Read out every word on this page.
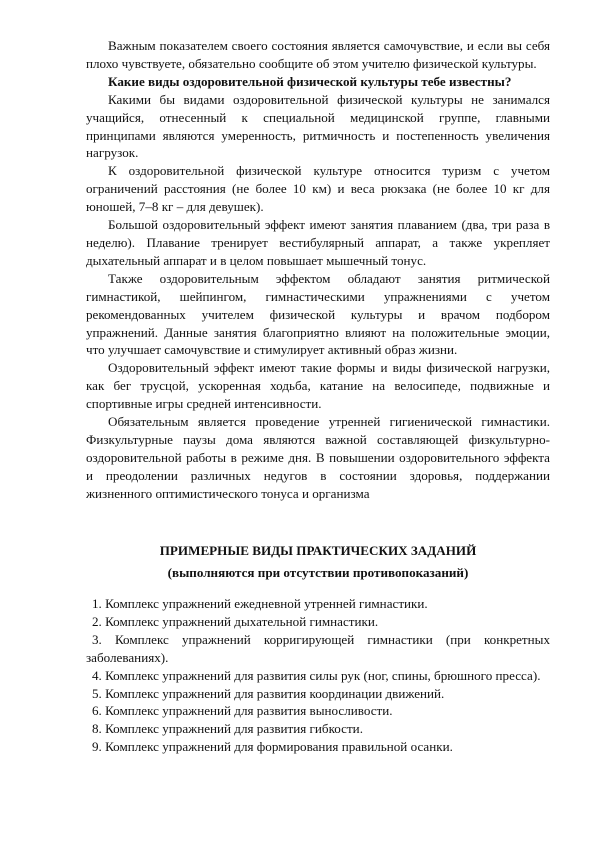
Важным показателем своего состояния является самочувствие, и если вы себя плохо чувствуете, обязательно сообщите об этом учителю физической культуры.

Какие виды оздоровительной физической культуры тебе известны?

Какими бы видами оздоровительной физической культуры не занимался учащийся, отнесенный к специальной медицинской группе, главными принципами являются умеренность, ритмичность и постепенность увеличения нагрузок.

К оздоровительной физической культуре относится туризм с учетом ограничений расстояния (не более 10 км) и веса рюкзака (не более 10 кг для юношей, 7–8 кг – для девушек).

Большой оздоровительный эффект имеют занятия плаванием (два, три раза в неделю). Плавание тренирует вестибулярный аппарат, а также укрепляет дыхательный аппарат и в целом повышает мышечный тонус.

Также оздоровительным эффектом обладают занятия ритмической гимнастикой, шейпингом, гимнастическими упражнениями с учетом рекомендованных учителем физической культуры и врачом подбором упражнений. Данные занятия благоприятно влияют на положительные эмоции, что улучшает самочувствие и стимулирует активный образ жизни.

Оздоровительный эффект имеют такие формы и виды физической нагрузки, как бег трусцой, ускоренная ходьба, катание на велосипеде, подвижные и спортивные игры средней интенсивности.

Обязательным является проведение утренней гигиенической гимнастики. Физкультурные паузы дома являются важной составляющей физкультурно-оздоровительной работы в режиме дня. В повышении оздоровительного эффекта и преодолении различных недугов в состоянии здоровья, поддержании жизненного оптимистического тонуса и организма

ПРИМЕРНЫЕ ВИДЫ ПРАКТИЧЕСКИХ ЗАДАНИЙ
(выполняются при отсутствии противопоказаний)
1. Комплекс упражнений ежедневной утренней гимнастики.
2. Комплекс упражнений дыхательной гимнастики.
3. Комплекс упражнений корригирующей гимнастики (при конкретных заболеваниях).
4. Комплекс упражнений для развития силы рук (ног, спины, брюшного пресса).
5. Комплекс упражнений для развития координации движений.
6. Комплекс упражнений для развития выносливости.
8. Комплекс упражнений для развития гибкости.
9. Комплекс упражнений для формирования правильной осанки.
